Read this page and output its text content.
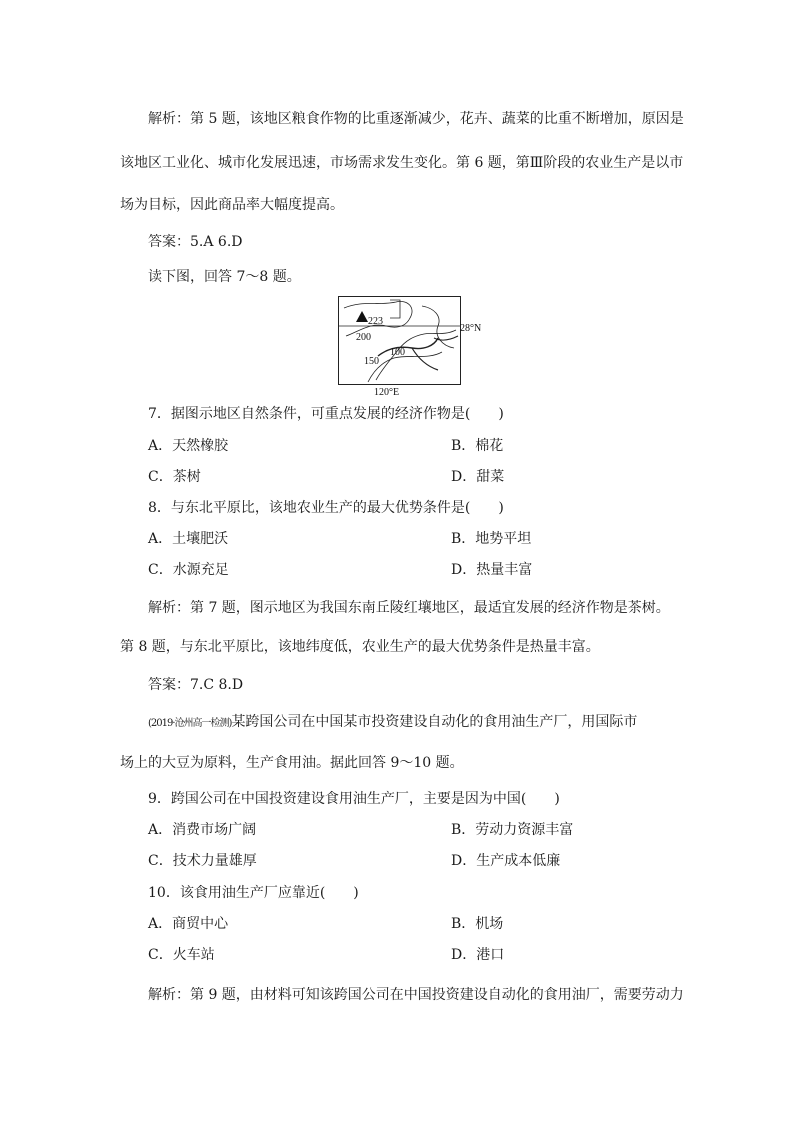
解析：第 5 题，该地区粮食作物的比重逐渐减少，花卉、蔬菜的比重不断增加，原因是
该地区工业化、城市化发展迅速，市场需求发生变化。第 6 题，第Ⅲ阶段的农业生产是以市
场为目标，因此商品率大幅度提高。
答案：5.A 6.D
读下图，回答 7～8 题。
223
200
150
100
28°N
120°E
7．据图示地区自然条件，可重点发展的经济作物是(　　)
A．天然橡胶	B．棉花
C．茶树	D．甜菜
8．与东北平原比，该地农业生产的最大优势条件是(　　)
A．土壤肥沃	B．地势平坦
C．水源充足	D．热量丰富
解析：第 7 题，图示地区为我国东南丘陵红壤地区，最适宜发展的经济作物是茶树。
第 8 题，与东北平原比，该地纬度低，农业生产的最大优势条件是热量丰富。
答案：7.C 8.D
(2019·沧州高一检测)某跨国公司在中国某市投资建设自动化的食用油生产厂，用国际市
场上的大豆为原料，生产食用油。据此回答 9～10 题。
9．跨国公司在中国投资建设食用油生产厂，主要是因为中国(　　)
A．消费市场广阔	B．劳动力资源丰富
C．技术力量雄厚	D．生产成本低廉
10．该食用油生产厂应靠近(　　)
A．商贸中心	B．机场
C．火车站	D．港口
解析：第 9 题，由材料可知该跨国公司在中国投资建设自动化的食用油厂，需要劳动力
